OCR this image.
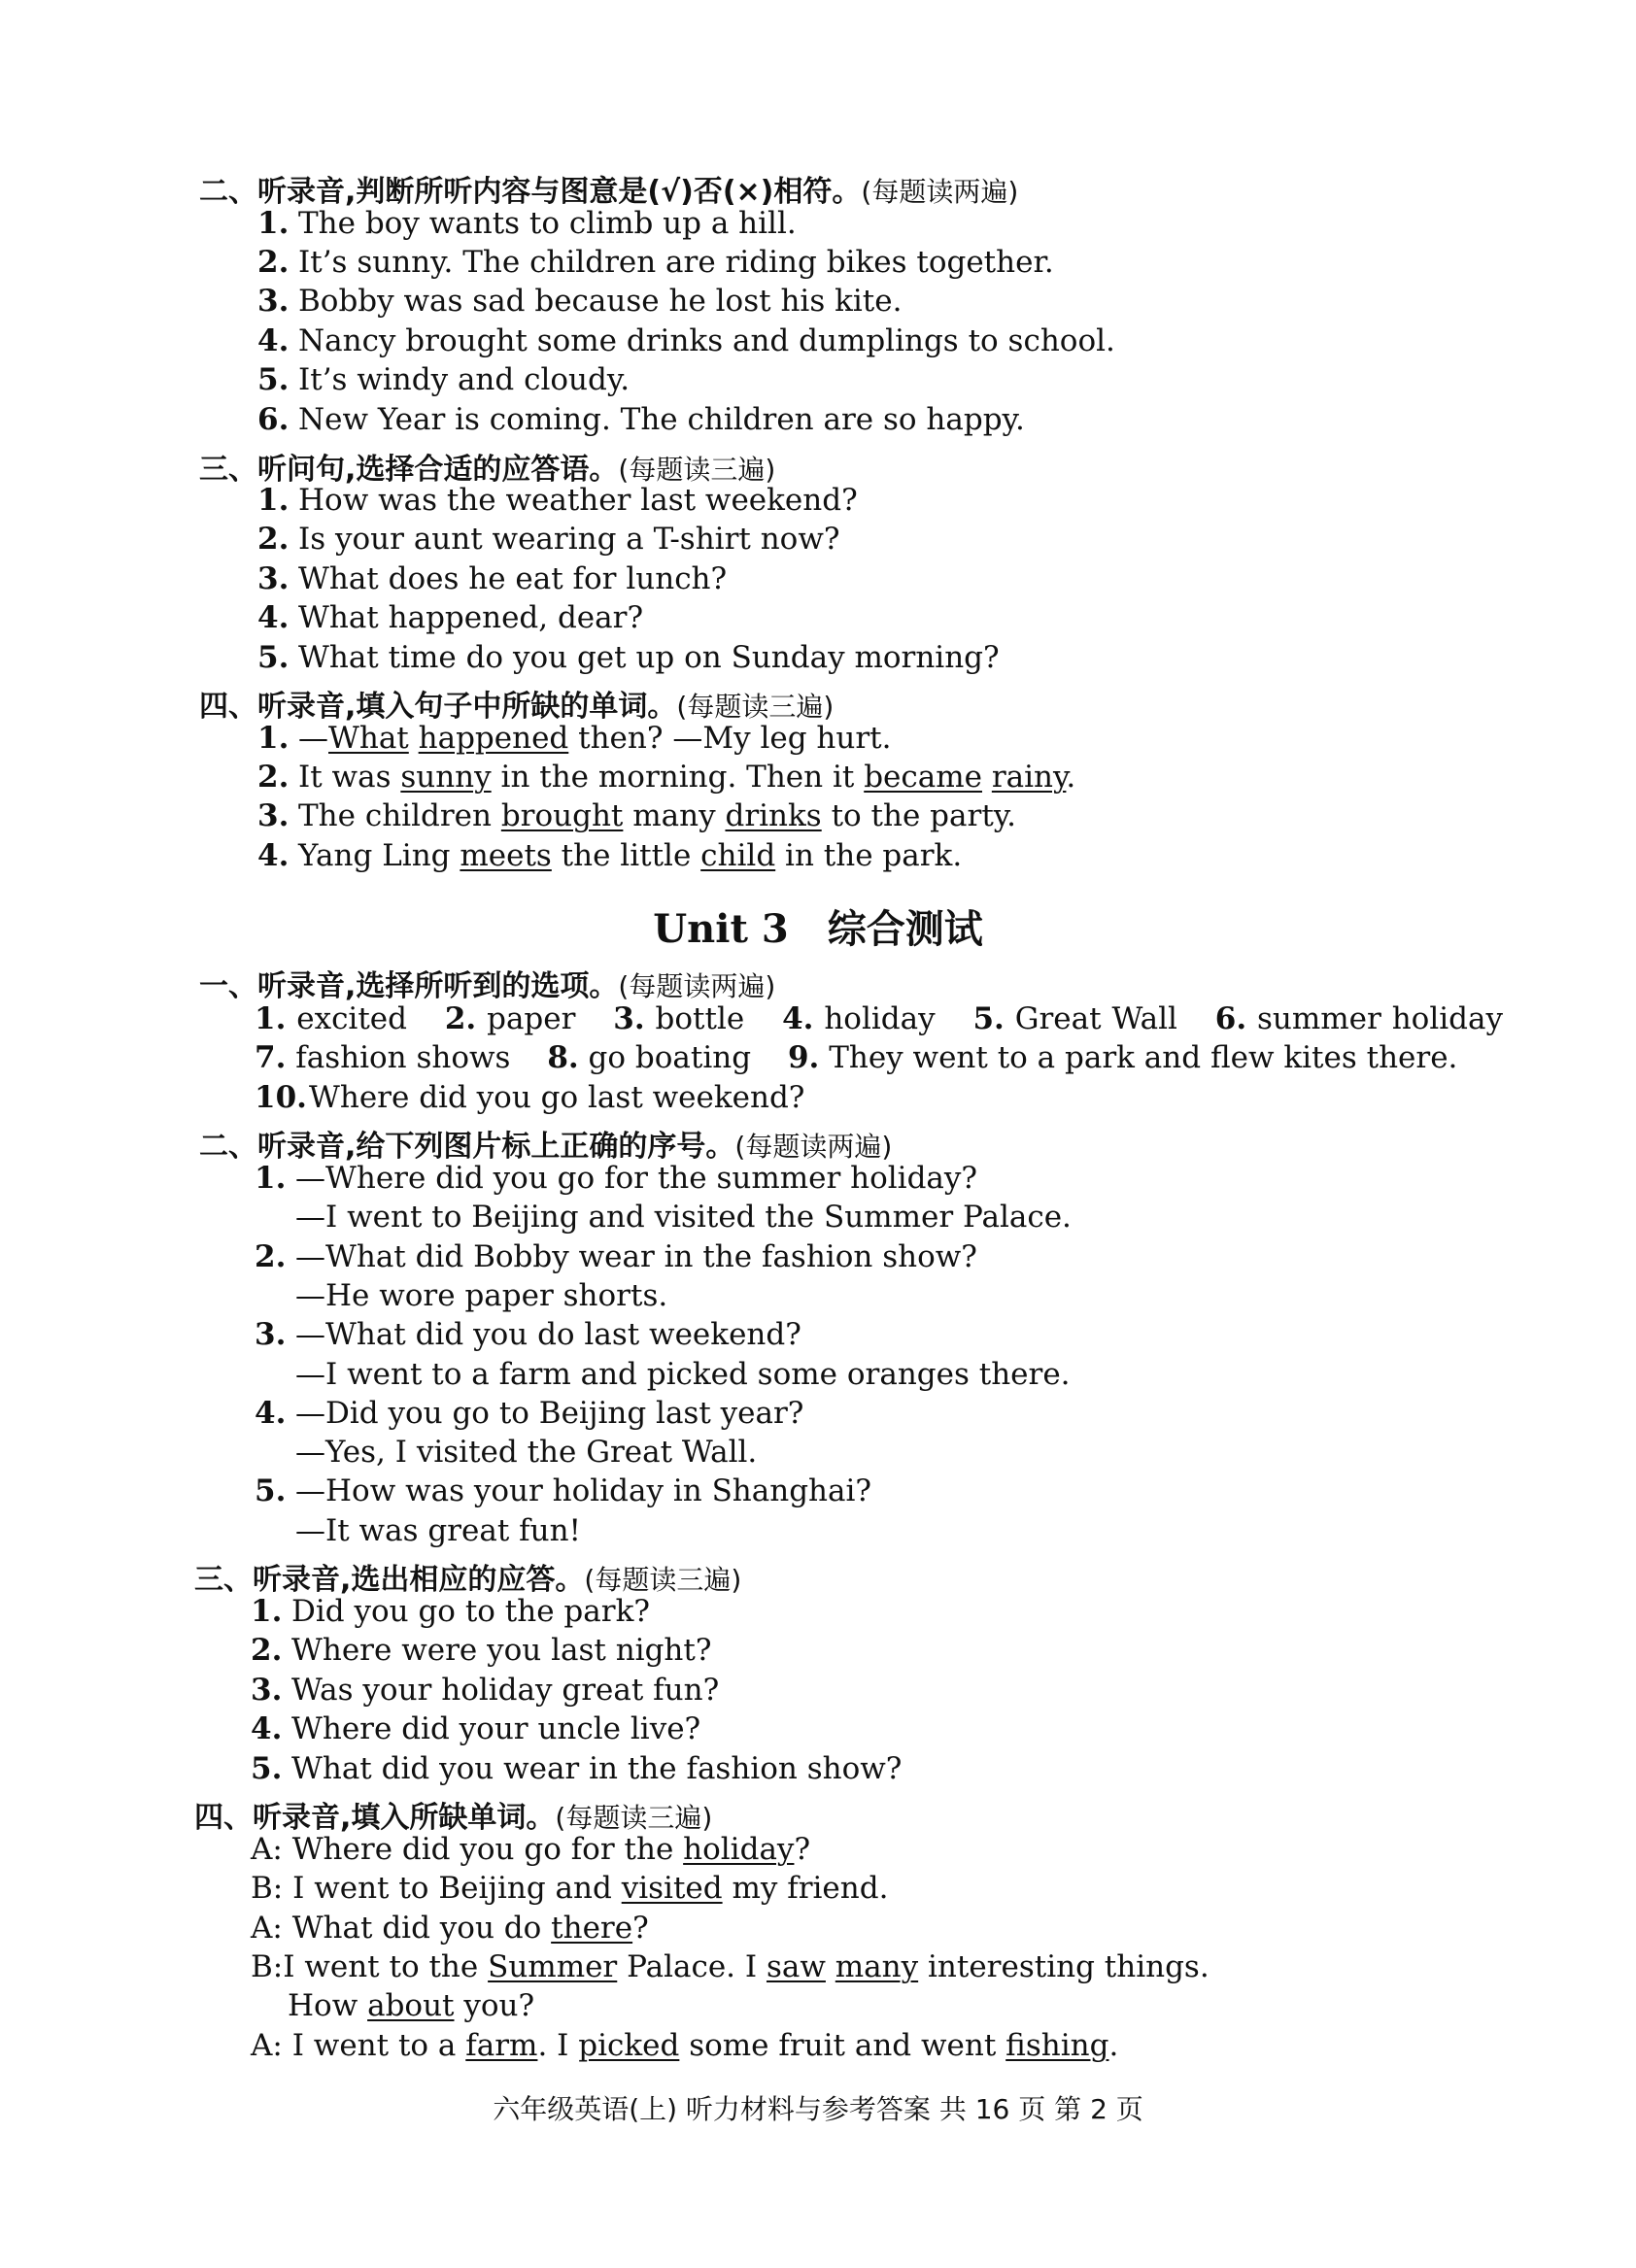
二、听录音,判断所听内容与图意是(√)否(×)相符。(每题读两遍)
1. The boy wants to climb up a hill.
2. It’s sunny. The children are riding bikes together.
3. Bobby was sad because he lost his kite.
4. Nancy brought some drinks and dumplings to school.
5. It’s windy and cloudy.
6. New Year is coming. The children are so happy.
三、听问句,选择合适的应答语。(每题读三遍)
1. How was the weather last weekend?
2. Is your aunt wearing a T-shirt now?
3. What does he eat for lunch?
4. What happened, dear?
5. What time do you get up on Sunday morning?
四、听录音,填入句子中所缺的单词。(每题读三遍)
1. —What happened then? —My leg hurt.
2. It was sunny in the morning. Then it became rainy.
3. The children brought many drinks to the party.
4. Yang Ling meets the little child in the park.
Unit 3 综合测试
一、听录音,选择所听到的选项。(每题读两遍)
1. excited 2. paper 3. bottle 4. holiday 5. Great Wall 6. summer holiday
7. fashion shows 8. go boating 9. They went to a park and flew kites there.
10.Where did you go last weekend?
二、听录音,给下列图片标上正确的序号。(每题读两遍)
1. —Where did you go for the summer holiday?
—I went to Beijing and visited the Summer Palace.
2. —What did Bobby wear in the fashion show?
—He wore paper shorts.
3. —What did you do last weekend?
—I went to a farm and picked some oranges there.
4. —Did you go to Beijing last year?
—Yes, I visited the Great Wall.
5. —How was your holiday in Shanghai?
—It was great fun!
三、听录音,选出相应的应答。(每题读三遍)
1. Did you go to the park?
2. Where were you last night?
3. Was your holiday great fun?
4. Where did your uncle live?
5. What did you wear in the fashion show?
四、听录音,填入所缺单词。(每题读三遍)
A: Where did you go for the holiday?
B: I went to Beijing and visited my friend.
A: What did you do there?
B:I went to the Summer Palace. I saw many interesting things.
How about you?
A: I went to a farm. I picked some fruit and went fishing.
六年级英语(上) 听力材料与参考答案 共 16 页 第 2 页
